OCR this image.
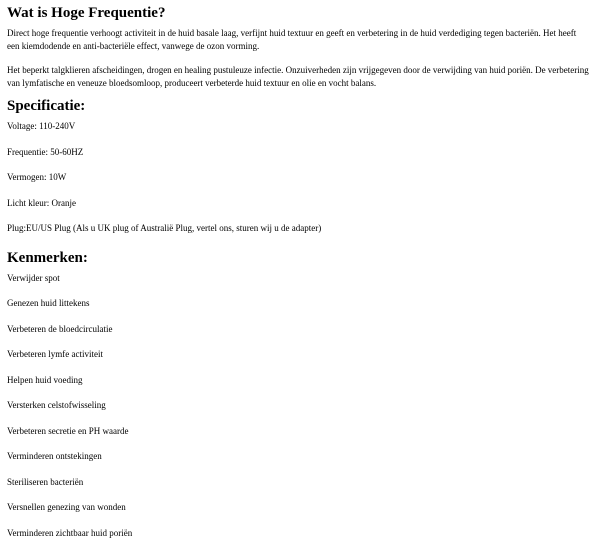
Wat is Hoge Frequentie?

Direct hoge frequentie verhoogt activiteit in de huid basale laag, verfijnt huid textuur en geeft en verbetering in de huid verdediging tegen bacteriën. Het heeft een kiemdodende en anti-bacteriële effect, vanwege de ozon vorming.

Het beperkt talgklieren afscheidingen, drogen en healing pustuleuze infectie. Onzuiverheden zijn vrijgegeven door de verwijding van huid poriën. De verbetering van lymfatische en veneuze bloedsomloop, produceert verbeterde huid textuur en olie en vocht balans.

Specificatie:
Voltage: 110-240V
Frequentie: 50-60HZ
Vermogen: 10W
Licht kleur: Oranje
Plug:EU/US Plug (Als u UK plug of Australië Plug, vertel ons, sturen wij u de adapter)
Kenmerken:
Verwijder spot
Genezen huid littekens
Verbeteren de bloedcirculatie
Verbeteren lymfe activiteit
Helpen huid voeding
Versterken celstofwisseling
Verbeteren secretie en PH waarde
Verminderen ontstekingen
Steriliseren bacteriën
Versnellen genezing van wonden
Verminderen zichtbaar huid poriën
